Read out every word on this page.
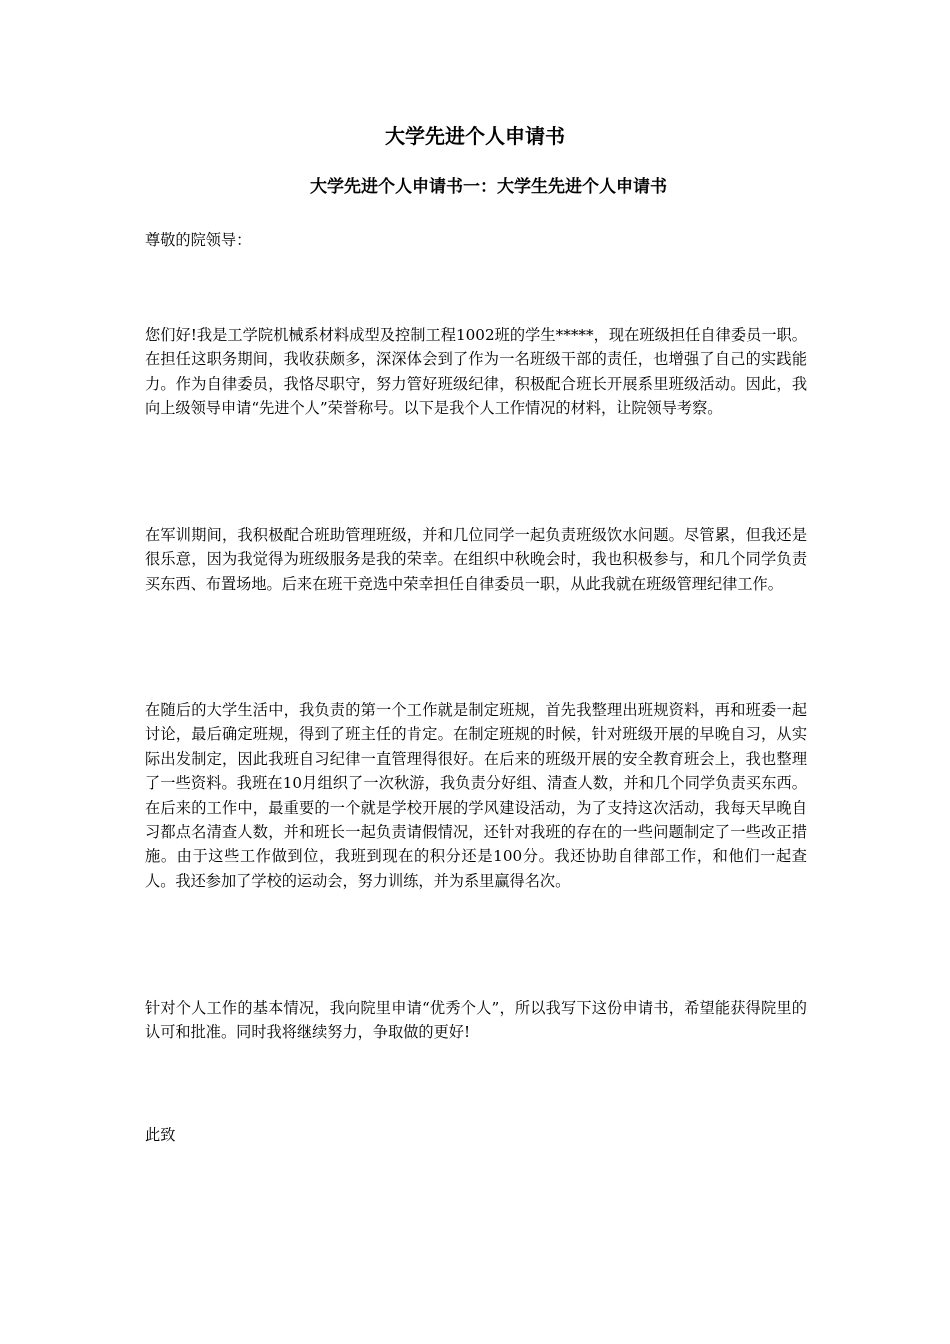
大学先进个人申请书
大学先进个人申请书一：大学生先进个人申请书
尊敬的院领导：
您们好!我是工学院机械系材料成型及控制工程1002班的学生*****，现在班级担任自律委员一职。在担任这职务期间，我收获颇多，深深体会到了作为一名班级干部的责任，也增强了自己的实践能力。作为自律委员，我恪尽职守，努力管好班级纪律，积极配合班长开展系里班级活动。因此，我向上级领导申请“先进个人”荣誉称号。以下是我个人工作情况的材料，让院领导考察。
在军训期间，我积极配合班助管理班级，并和几位同学一起负责班级饮水问题。尽管累，但我还是很乐意，因为我觉得为班级服务是我的荣幸。在组织中秋晚会时，我也积极参与，和几个同学负责买东西、布置场地。后来在班干竞选中荣幸担任自律委员一职，从此我就在班级管理纪律工作。
在随后的大学生活中，我负责的第一个工作就是制定班规，首先我整理出班规资料，再和班委一起讨论，最后确定班规，得到了班主任的肯定。在制定班规的时候，针对班级开展的早晚自习，从实际出发制定，因此我班自习纪律一直管理得很好。在后来的班级开展的安全教育班会上，我也整理了一些资料。我班在10月组织了一次秋游，我负责分好组、清查人数，并和几个同学负责买东西。在后来的工作中，最重要的一个就是学校开展的学风建设活动，为了支持这次活动，我每天早晚自习都点名清查人数，并和班长一起负责请假情况，还针对我班的存在的一些问题制定了一些改正措施。由于这些工作做到位，我班到现在的积分还是100分。我还协助自律部工作，和他们一起查人。我还参加了学校的运动会，努力训练，并为系里赢得名次。
针对个人工作的基本情况，我向院里申请“优秀个人”，所以我写下这份申请书，希望能获得院里的认可和批准。同时我将继续努力，争取做的更好!
此致
